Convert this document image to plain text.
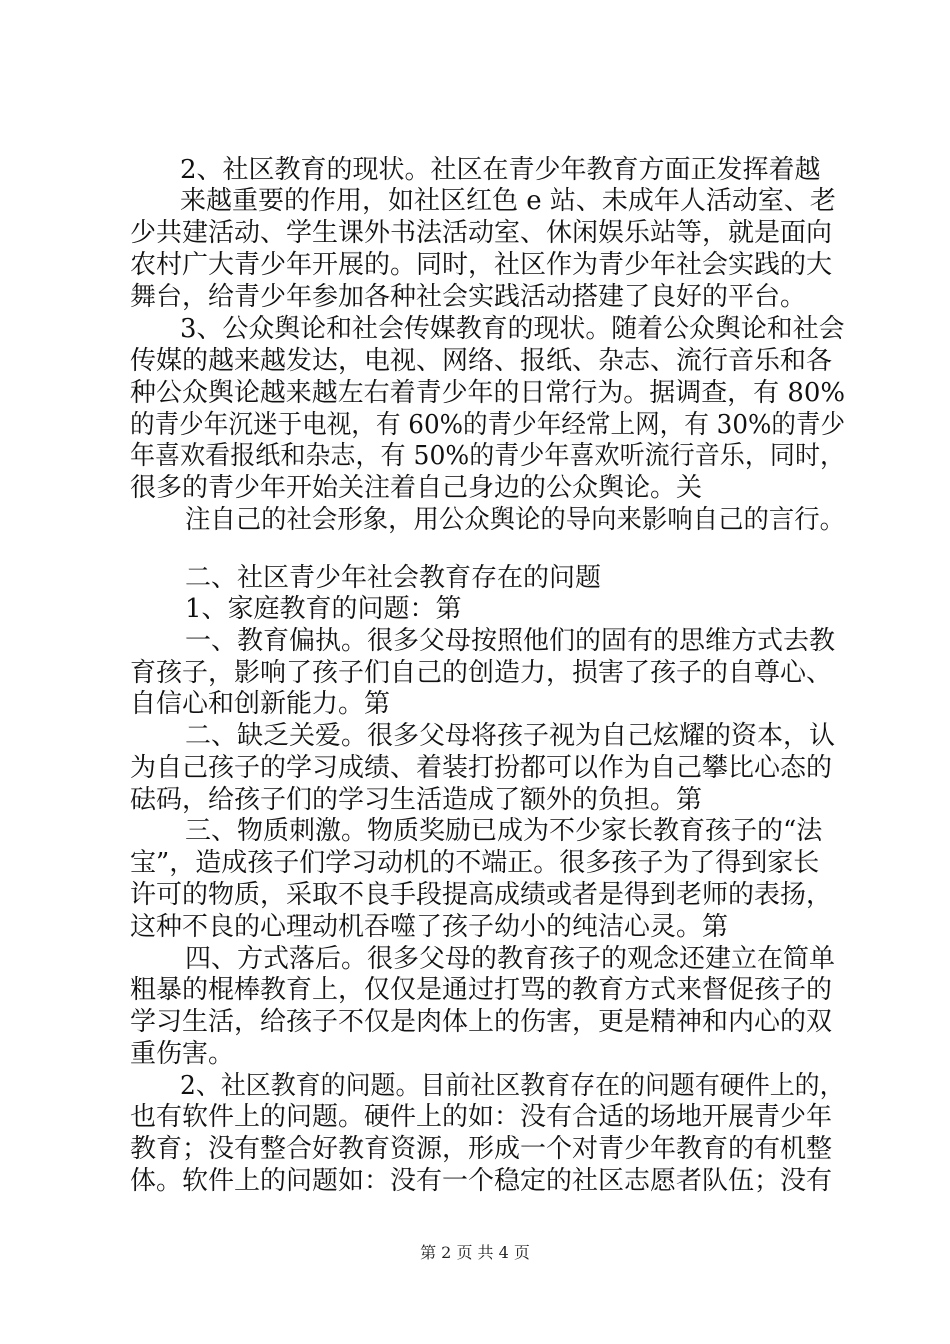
2、社区教育的现状。社区在青少年教育方面正发挥着越
来越重要的作用，如社区红色 e 站、未成年人活动室、老
少共建活动、学生课外书法活动室、休闲娱乐站等，就是面向
农村广大青少年开展的。同时，社区作为青少年社会实践的大
舞台，给青少年参加各种社会实践活动搭建了良好的平台。
3、公众舆论和社会传媒教育的现状。随着公众舆论和社会
传媒的越来越发达，电视、网络、报纸、杂志、流行音乐和各
种公众舆论越来越左右着青少年的日常行为。据调查，有 80%
的青少年沉迷于电视，有 60%的青少年经常上网，有 30%的青少
年喜欢看报纸和杂志，有 50%的青少年喜欢听流行音乐，同时，
很多的青少年开始关注着自己身边的公众舆论。关
注自己的社会形象，用公众舆论的导向来影响自己的言行。
二、社区青少年社会教育存在的问题
1、家庭教育的问题：第
一、教育偏执。很多父母按照他们的固有的思维方式去教
育孩子，影响了孩子们自己的创造力，损害了孩子的自尊心、
自信心和创新能力。第
二、缺乏关爱。很多父母将孩子视为自己炫耀的资本，认
为自己孩子的学习成绩、着装打扮都可以作为自己攀比心态的
砝码，给孩子们的学习生活造成了额外的负担。第
三、物质刺激。物质奖励已成为不少家长教育孩子的“法
宝”，造成孩子们学习动机的不端正。很多孩子为了得到家长
许可的物质，采取不良手段提高成绩或者是得到老师的表扬，
这种不良的心理动机吞噬了孩子幼小的纯洁心灵。第
四、方式落后。很多父母的教育孩子的观念还建立在简单
粗暴的棍棒教育上，仅仅是通过打骂的教育方式来督促孩子的
学习生活，给孩子不仅是肉体上的伤害，更是精神和内心的双
重伤害。
2、社区教育的问题。目前社区教育存在的问题有硬件上的，
也有软件上的问题。硬件上的如：没有合适的场地开展青少年
教育；没有整合好教育资源，形成一个对青少年教育的有机整
体。软件上的问题如：没有一个稳定的社区志愿者队伍；没有
第 2 页 共 4 页
